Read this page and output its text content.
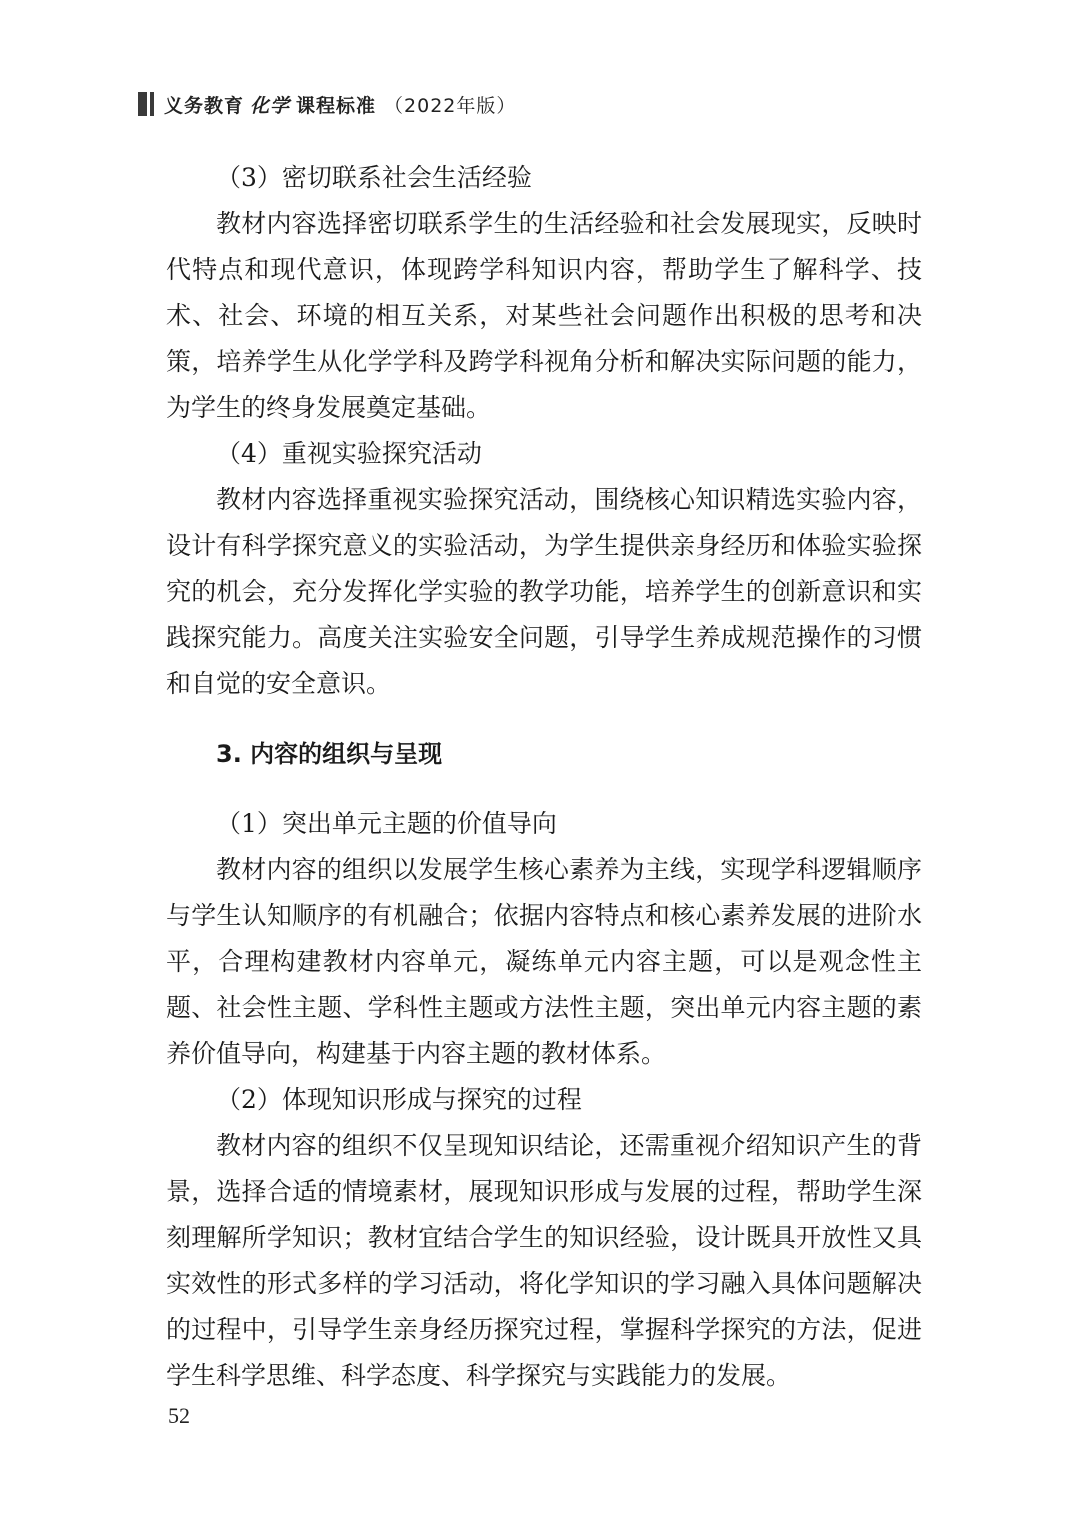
义务教育 化学 课程标准 （2022年版）

（3）密切联系社会生活经验

教材内容选择密切联系学生的生活经验和社会发展现实，反映时代特点和现代意识，体现跨学科知识内容，帮助学生了解科学、技术、社会、环境的相互关系，对某些社会问题作出积极的思考和决策，培养学生从化学学科及跨学科视角分析和解决实际问题的能力，为学生的终身发展奠定基础。

（4）重视实验探究活动

教材内容选择重视实验探究活动，围绕核心知识精选实验内容，设计有科学探究意义的实验活动，为学生提供亲身经历和体验实验探究的机会，充分发挥化学实验的教学功能，培养学生的创新意识和实践探究能力。高度关注实验安全问题，引导学生养成规范操作的习惯和自觉的安全意识。

3. 内容的组织与呈现

（1）突出单元主题的价值导向

教材内容的组织以发展学生核心素养为主线，实现学科逻辑顺序与学生认知顺序的有机融合；依据内容特点和核心素养发展的进阶水平，合理构建教材内容单元，凝练单元内容主题，可以是观念性主题、社会性主题、学科性主题或方法性主题，突出单元内容主题的素养价值导向，构建基于内容主题的教材体系。

（2）体现知识形成与探究的过程

教材内容的组织不仅呈现知识结论，还需重视介绍知识产生的背景，选择合适的情境素材，展现知识形成与发展的过程，帮助学生深刻理解所学知识；教材宜结合学生的知识经验，设计既具开放性又具实效性的形式多样的学习活动，将化学知识的学习融入具体问题解决的过程中，引导学生亲身经历探究过程，掌握科学探究的方法，促进学生科学思维、科学态度、科学探究与实践能力的发展。

52
